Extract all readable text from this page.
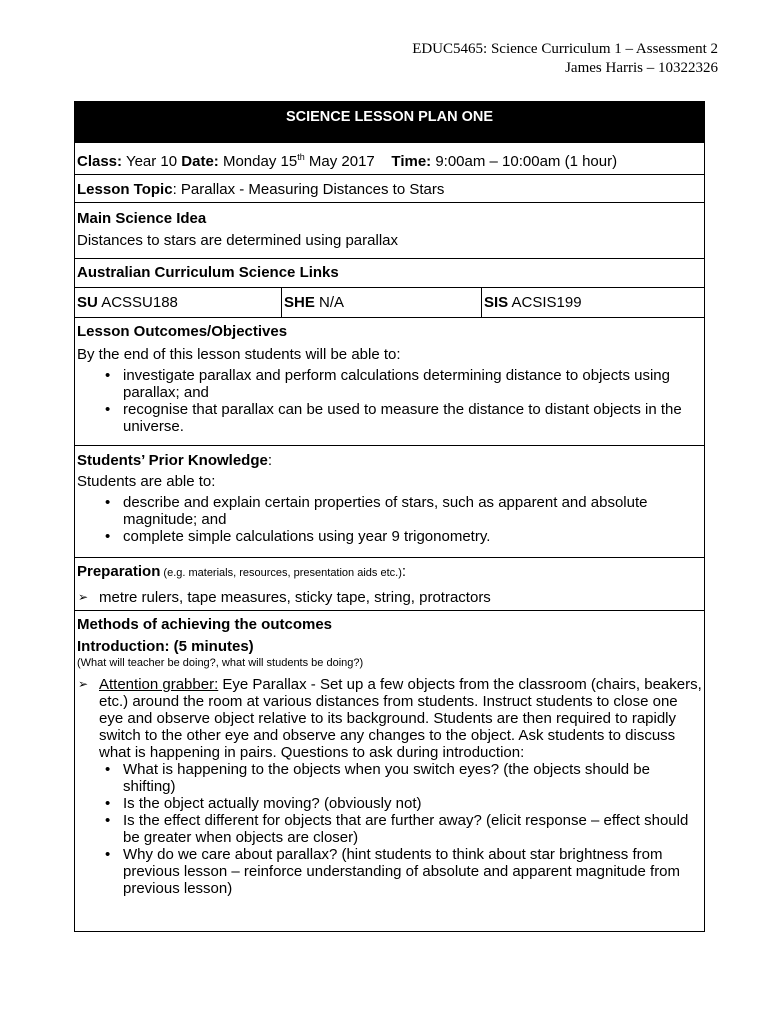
EDUC5465: Science Curriculum 1 – Assessment 2
James Harris – 10322326
SCIENCE LESSON PLAN ONE

Class: Year 10 Date: Monday 15th May 2017 Time: 9:00am – 10:00am (1 hour)

Lesson Topic: Parallax - Measuring Distances to Stars

Main Science Idea

Distances to stars are determined using parallax

Australian Curriculum Science Links

SU ACSSU188	SHE N/A	SIS ACSIS199

Lesson Outcomes/Objectives

By the end of this lesson students will be able to:

• investigate parallax and perform calculations determining distance to objects using parallax; and
• recognise that parallax can be used to measure the distance to distant objects in the universe.

Students’ Prior Knowledge:

Students are able to:

• describe and explain certain properties of stars, such as apparent and absolute magnitude; and
• complete simple calculations using year 9 trigonometry.

Preparation (e.g. materials, resources, presentation aids etc.):

➢ metre rulers, tape measures, sticky tape, string, protractors

Methods of achieving the outcomes

Introduction: (5 minutes)

(What will teacher be doing?, what will students be doing?)

➢ Attention grabber: Eye Parallax - Set up a few objects from the classroom (chairs, beakers, etc.) around the room at various distances from students. Instruct students to close one eye and observe object relative to its background. Students are then required to rapidly switch to the other eye and observe any changes to the object. Ask students to discuss what is happening in pairs. Questions to ask during introduction:
• What is happening to the objects when you switch eyes? (the objects should be shifting)
• Is the object actually moving? (obviously not)
• Is the effect different for objects that are further away? (elicit response – effect should be greater when objects are closer)
• Why do we care about parallax? (hint students to think about star brightness from previous lesson – reinforce understanding of absolute and apparent magnitude from previous lesson)
